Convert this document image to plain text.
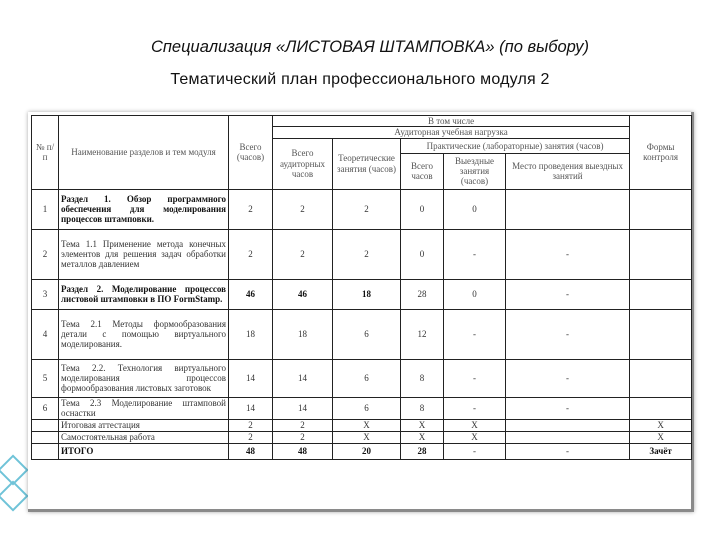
Специализация «ЛИСТОВАЯ ШТАМПОВКА» (по выбору)
Тематический план профессионального модуля 2
№ п/п	Наименование разделов и тем модуля	Всего (часов)	В том числе					Формы контроля
			Аудиторная учебная нагрузка					
			Всего аудиторных часов	Теоретические занятия (часов)	Практические (лабораторные) занятия (часов)			
					Всего часов	Выездные занятия (часов)	Место проведения выездных занятий	
1	Раздел 1. Обзор программного обеспечения для моделирования процессов штамповки.	2	2	2	0	0		
2	Тема 1.1 Применение метода конечных элементов для решения задач обработки металлов давлением	2	2	2	0	-	-	
3	Раздел 2. Моделирование процессов листовой штамповки в ПО FormStamp.	46	46	18	28	0	-	
4	Тема 2.1 Методы формообразования детали с помощью виртуального моделирования.	18	18	6	12	-	-	
5	Тема 2.2. Технология виртуального моделирования процессов формообразования листовых заготовок	14	14	6	8	-	-	
6	Тема 2.3 Моделирование штамповой оснастки	14	14	6	8	-	-	
	Итоговая аттестация	2	2	X	X	X		X
	Самостоятельная работа	2	2	X	X	X		X
	ИТОГО	48	48	20	28	-	-	Зачёт
